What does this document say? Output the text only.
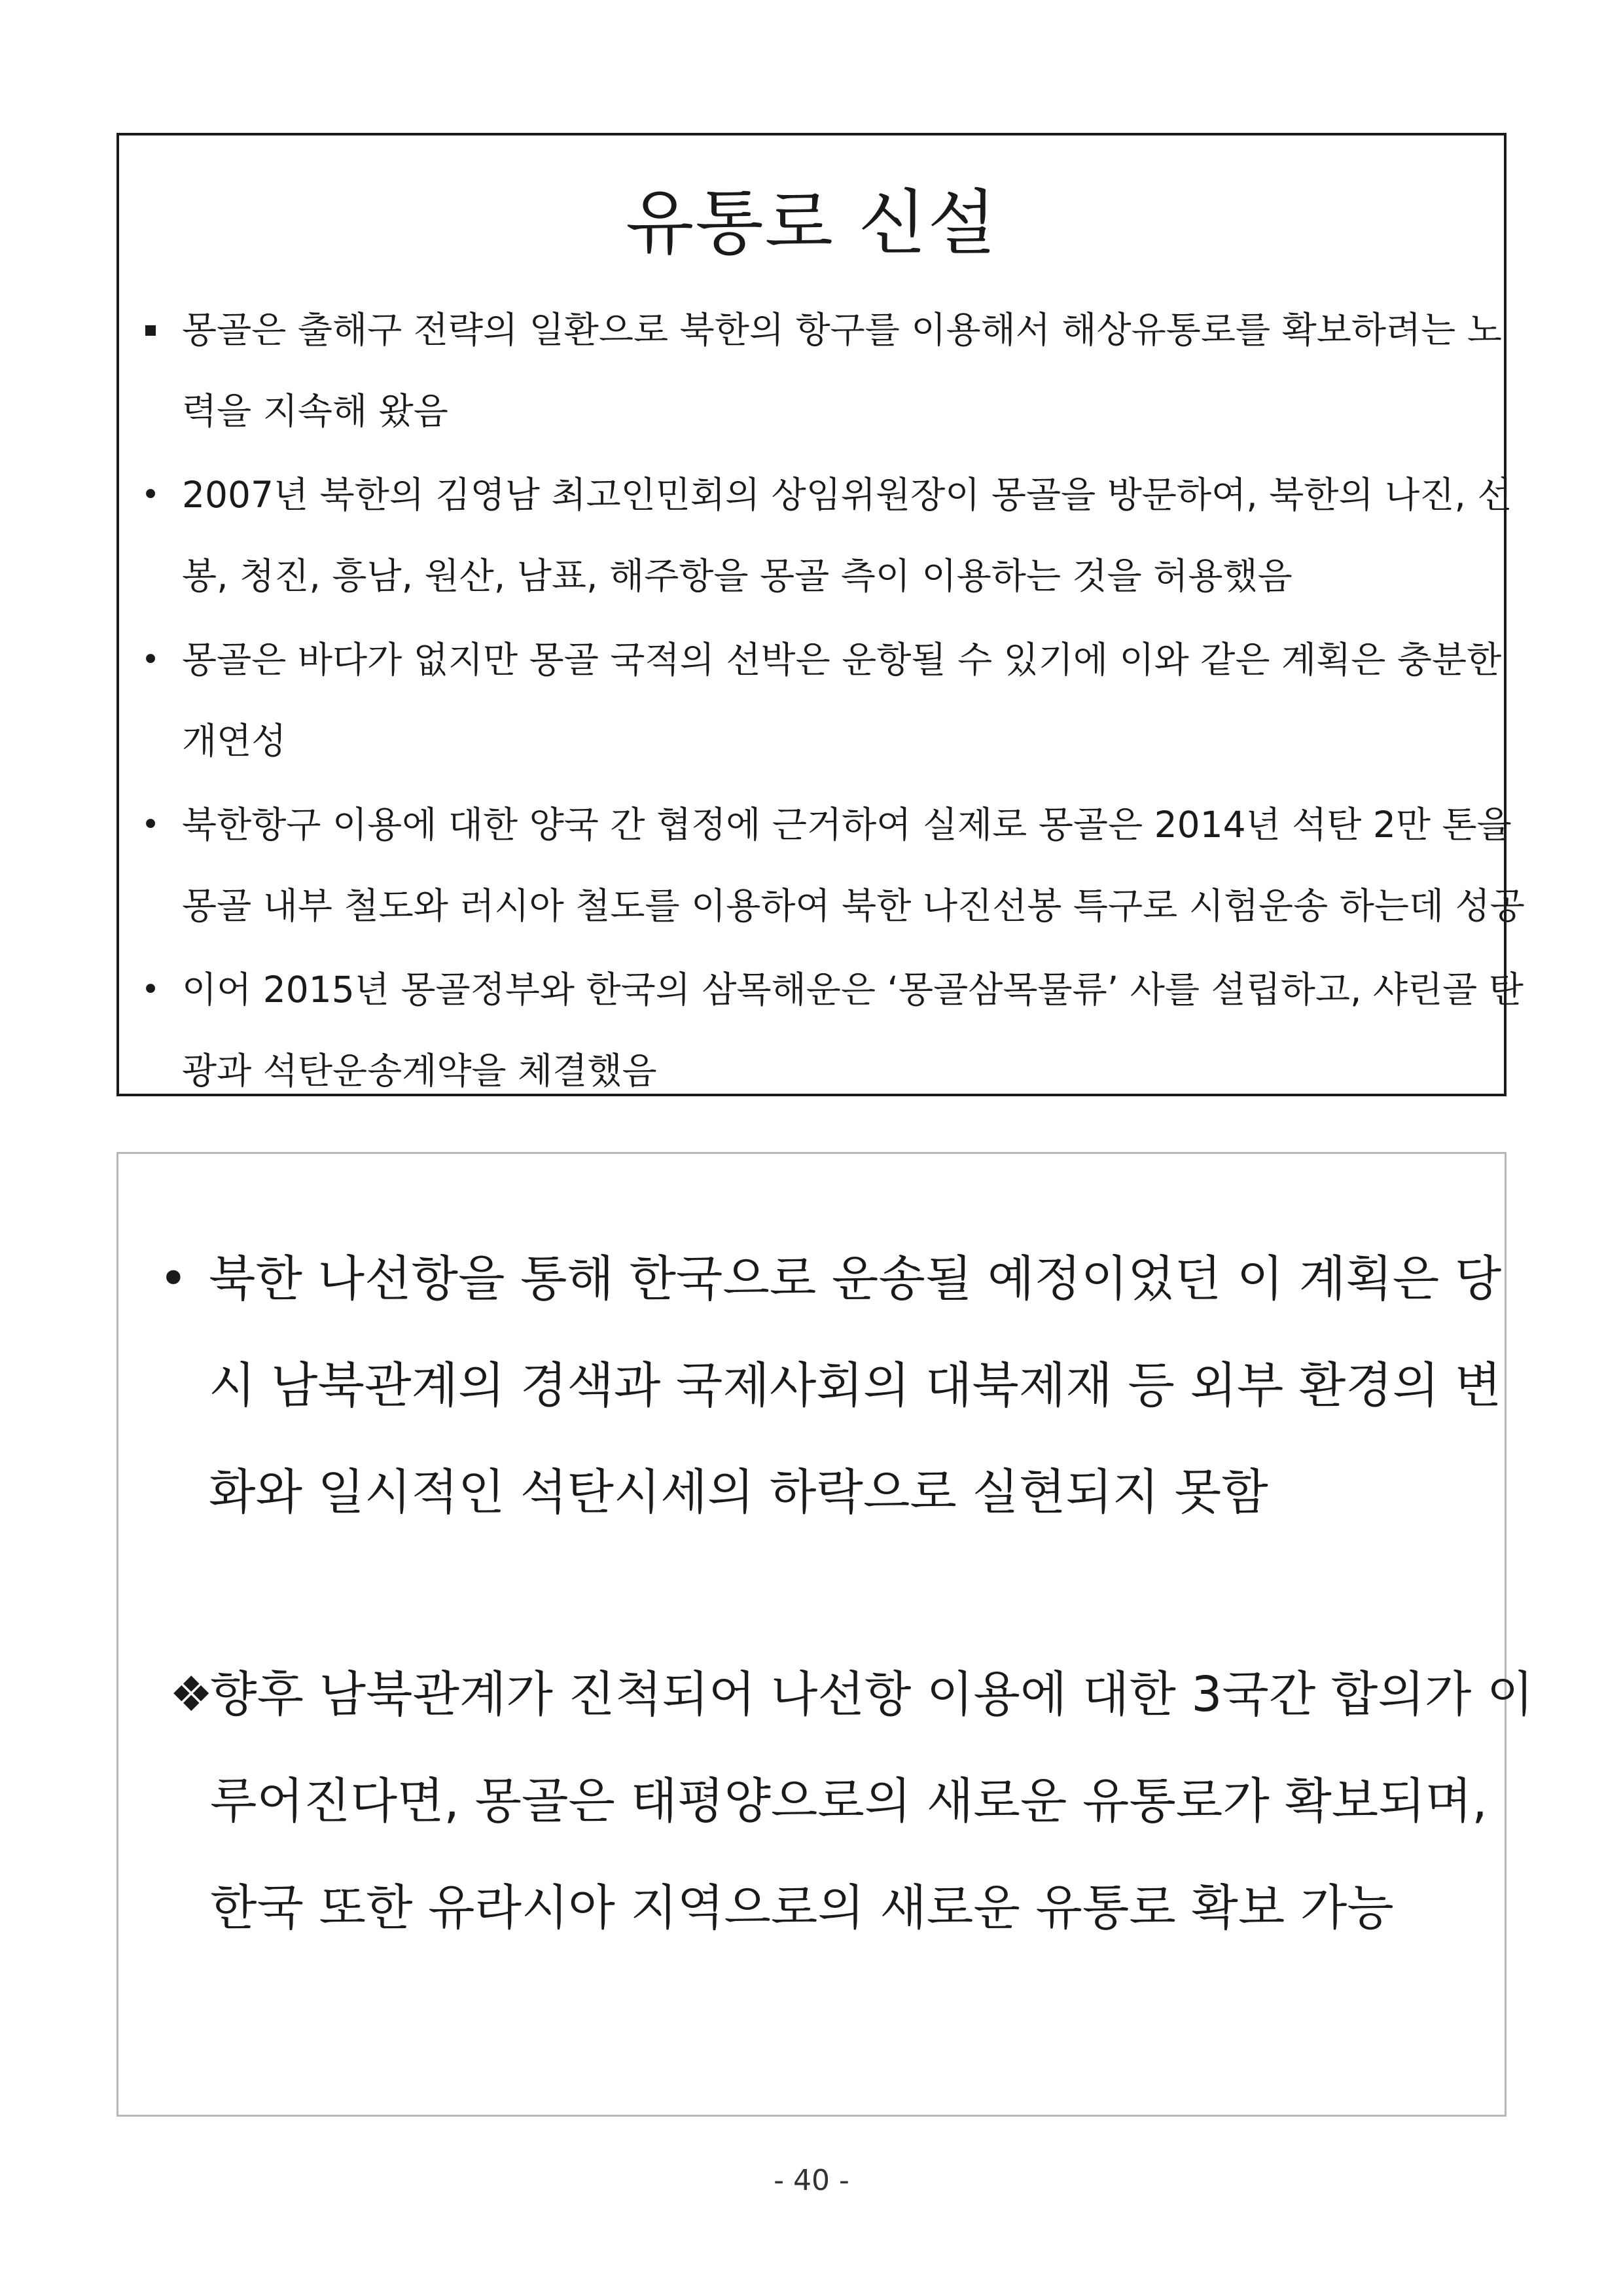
유통로 신설
몽골은 출해구 전략의 일환으로 북한의 항구를 이용해서 해상유통로를 확보하려는 노
력을 지속해 왔음
• 2007년 북한의 김영남 최고인민회의 상임위원장이 몽골을 방문하여, 북한의 나진, 선
봉, 청진, 흥남, 원산, 남표, 해주항을 몽골 측이 이용하는 것을 허용했음
• 몽골은 바다가 없지만 몽골 국적의 선박은 운항될 수 있기에 이와 같은 계획은 충분한
개연성
• 북한항구 이용에 대한 양국 간 협정에 근거하여 실제로 몽골은 2014년 석탄 2만 톤을
몽골 내부 철도와 러시아 철도를 이용하여 북한 나진선봉 특구로 시험운송 하는데 성공
• 이어 2015년 몽골정부와 한국의 삼목해운은 ‘몽골삼목물류’ 사를 설립하고, 샤린골 탄
광과 석탄운송계약을 체결했음
• 북한 나선항을 통해 한국으로 운송될 예정이었던 이 계획은 당
시 남북관계의 경색과 국제사회의 대북제재 등 외부 환경의 변
화와 일시적인 석탄시세의 하락으로 실현되지 못함
❖
향후 남북관계가 진척되어 나선항 이용에 대한 3국간 합의가 이
루어진다면, 몽골은 태평양으로의 새로운 유통로가 확보되며,
한국 또한 유라시아 지역으로의 새로운 유통로 확보 가능
- 40 -
